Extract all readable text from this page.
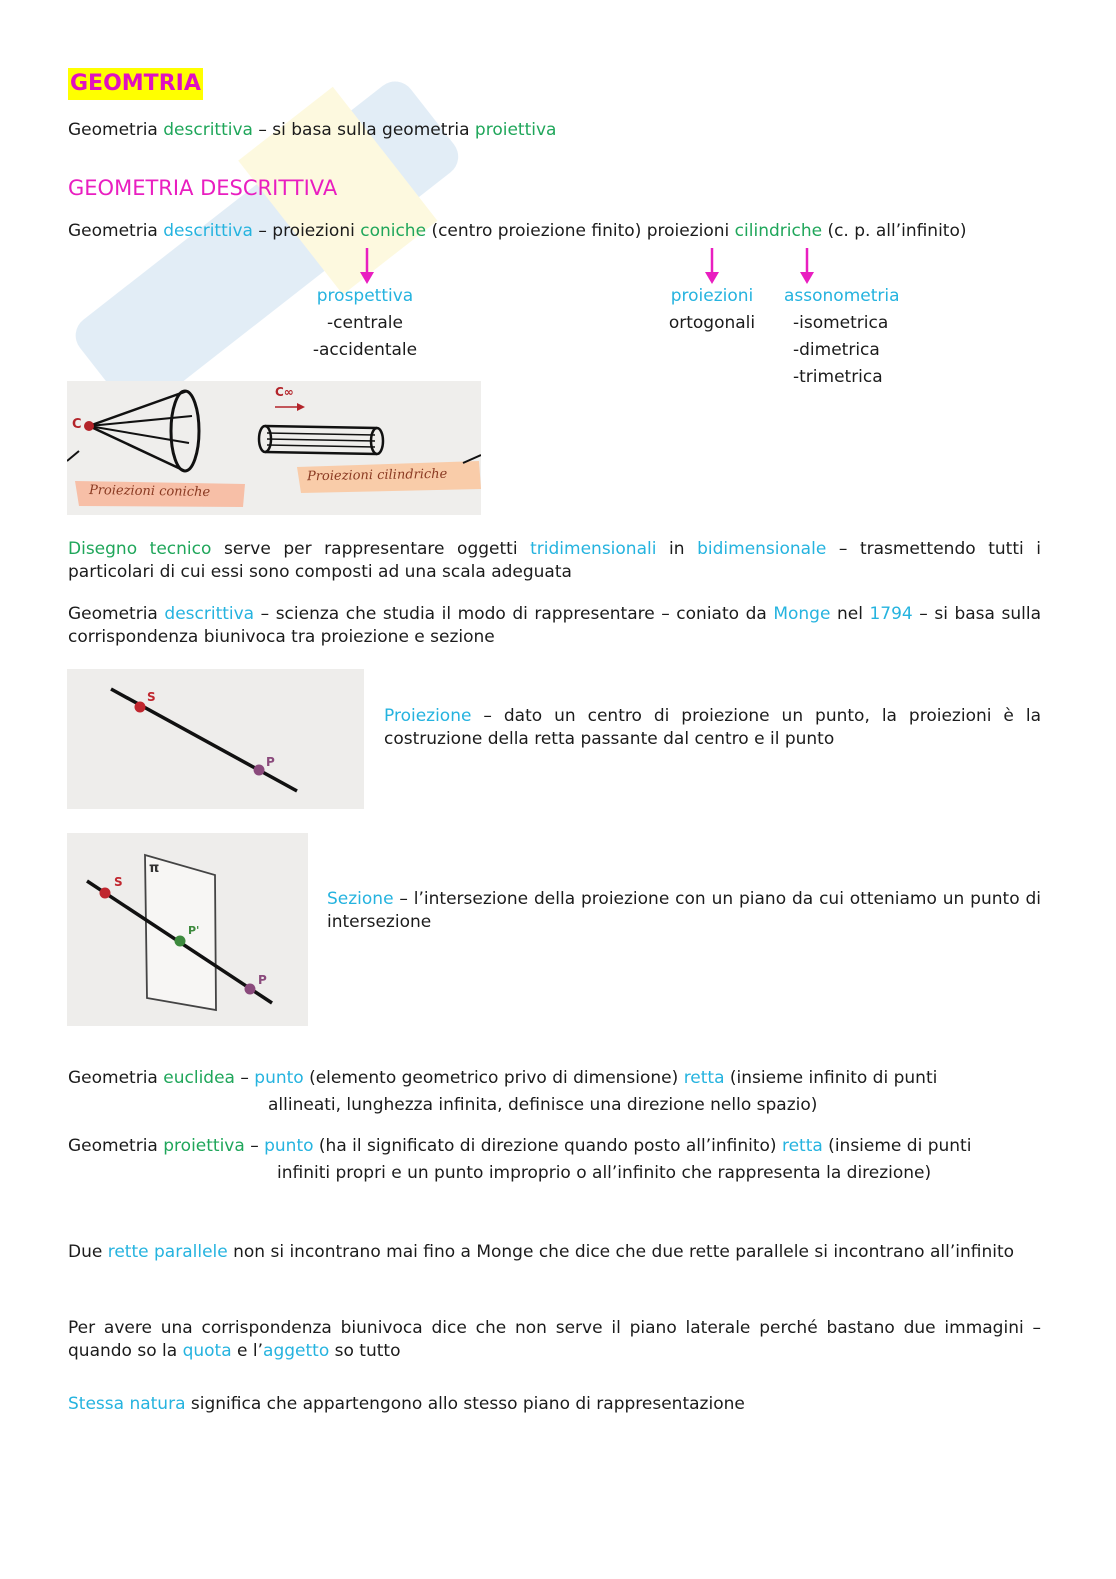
GEOMTRIA
Geometria descrittiva – si basa sulla geometria proiettiva
GEOMETRIA DESCRITTIVA
Geometria descrittiva – proiezioni coniche (centro proiezione finito) proiezioni cilindriche (c. p. all’infinito)
prospettiva
-centrale
-accidentale
proiezioni
ortogonali
assonometria
-isometrica
-dimetrica
-trimetrica
C
C∞
Proiezioni coniche
Proiezioni cilindriche
Disegno tecnico serve per rappresentare oggetti tridimensionali in bidimensionale – trasmettendo tutti i particolari di cui essi sono composti ad una scala adeguata
Geometria descrittiva – scienza che studia il modo di rappresentare – coniato da Monge nel 1794 – si basa sulla corrispondenza biunivoca tra proiezione e sezione
S
P
Proiezione – dato un centro di proiezione un punto, la proiezioni è la costruzione della retta passante dal centro e il punto
S
π
P'
P
Sezione – l’intersezione della proiezione con un piano da cui otteniamo un punto di intersezione
Geometria euclidea – punto (elemento geometrico privo di dimensione) retta (insieme infinito di punti
allineati, lunghezza infinita, definisce una direzione nello spazio)
Geometria proiettiva – punto (ha il significato di direzione quando posto all’infinito) retta (insieme di punti
infiniti propri e un punto improprio o all’infinito che rappresenta la direzione)
Due rette parallele non si incontrano mai fino a Monge che dice che due rette parallele si incontrano all’infinito
Per avere una corrispondenza biunivoca dice che non serve il piano laterale perché bastano due immagini – quando so la quota e l’aggetto so tutto
Stessa natura significa che appartengono allo stesso piano di rappresentazione
